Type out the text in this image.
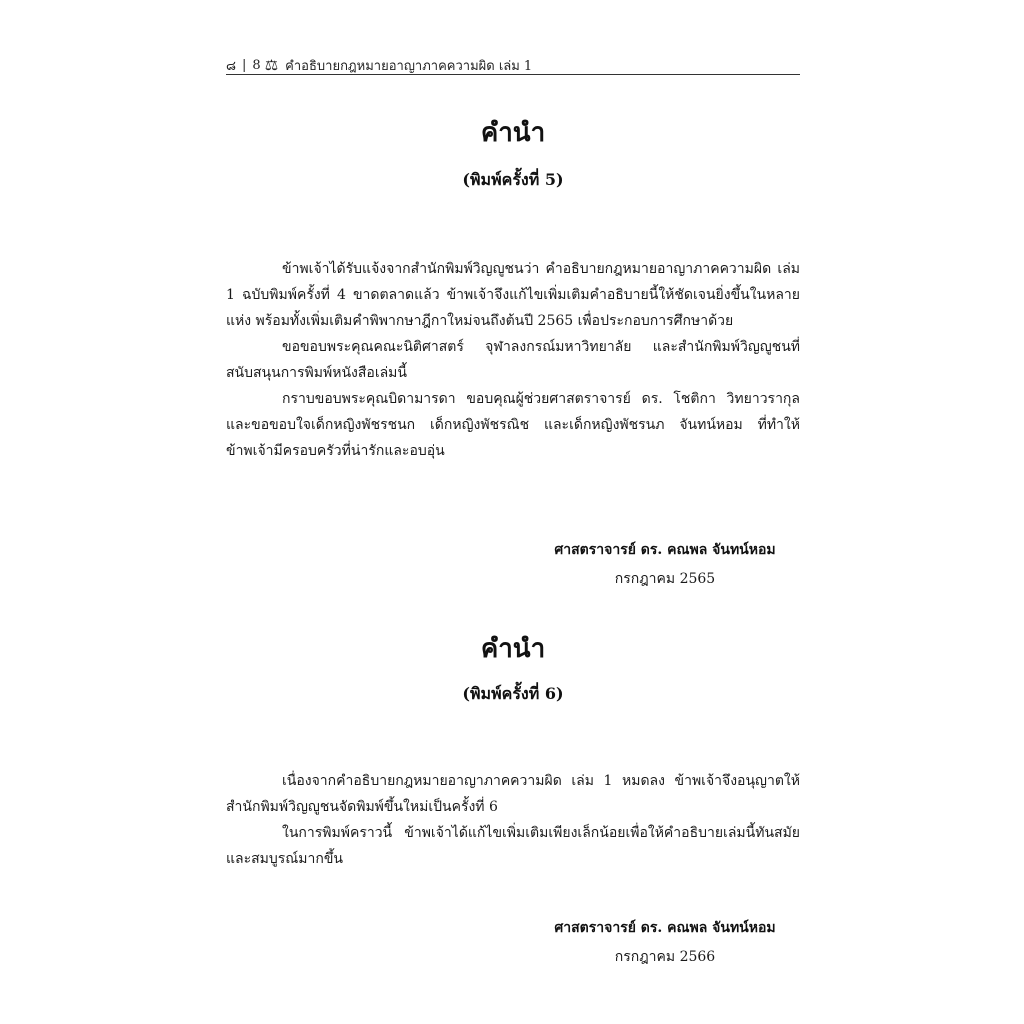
๘ | 8 ⚖ คำอธิบายกฎหมายอาญาภาคความผิด เล่ม 1
คำนำ
(พิมพ์ครั้งที่ 5)

ข้าพเจ้าได้รับแจ้งจากสำนักพิมพ์วิญญูชนว่า คำอธิบายกฎหมายอาญาภาคความผิด เล่ม 1 ฉบับพิมพ์ครั้งที่ 4 ขาดตลาดแล้ว ข้าพเจ้าจึงแก้ไขเพิ่มเติมคำอธิบายนี้ให้ชัดเจนยิ่งขึ้นในหลายแห่ง พร้อมทั้งเพิ่มเติมคำพิพากษาฎีกาใหม่จนถึงต้นปี 2565 เพื่อประกอบการศึกษาด้วย

ขอขอบพระคุณคณะนิติศาสตร์ จุฬาลงกรณ์มหาวิทยาลัย และสำนักพิมพ์วิญญูชนที่สนับสนุนการพิมพ์หนังสือเล่มนี้

กราบขอบพระคุณบิดามารดา ขอบคุณผู้ช่วยศาสตราจารย์ ดร. โชติกา วิทยาวรากุล และขอขอบใจเด็กหญิงพัชรชนก เด็กหญิงพัชรณิช และเด็กหญิงพัชรนภ จันทน์หอม ที่ทำให้ข้าพเจ้ามีครอบครัวที่น่ารักและอบอุ่น

ศาสตราจารย์ ดร. คณพล จันทน์หอม
กรกฎาคม 2565
คำนำ
(พิมพ์ครั้งที่ 6)

เนื่องจากคำอธิบายกฎหมายอาญาภาคความผิด เล่ม 1 หมดลง ข้าพเจ้าจึงอนุญาตให้สำนักพิมพ์วิญญูชนจัดพิมพ์ขึ้นใหม่เป็นครั้งที่ 6

ในการพิมพ์คราวนี้ ข้าพเจ้าได้แก้ไขเพิ่มเติมเพียงเล็กน้อยเพื่อให้คำอธิบายเล่มนี้ทันสมัยและสมบูรณ์มากขึ้น

ศาสตราจารย์ ดร. คณพล จันทน์หอม
กรกฎาคม 2566
